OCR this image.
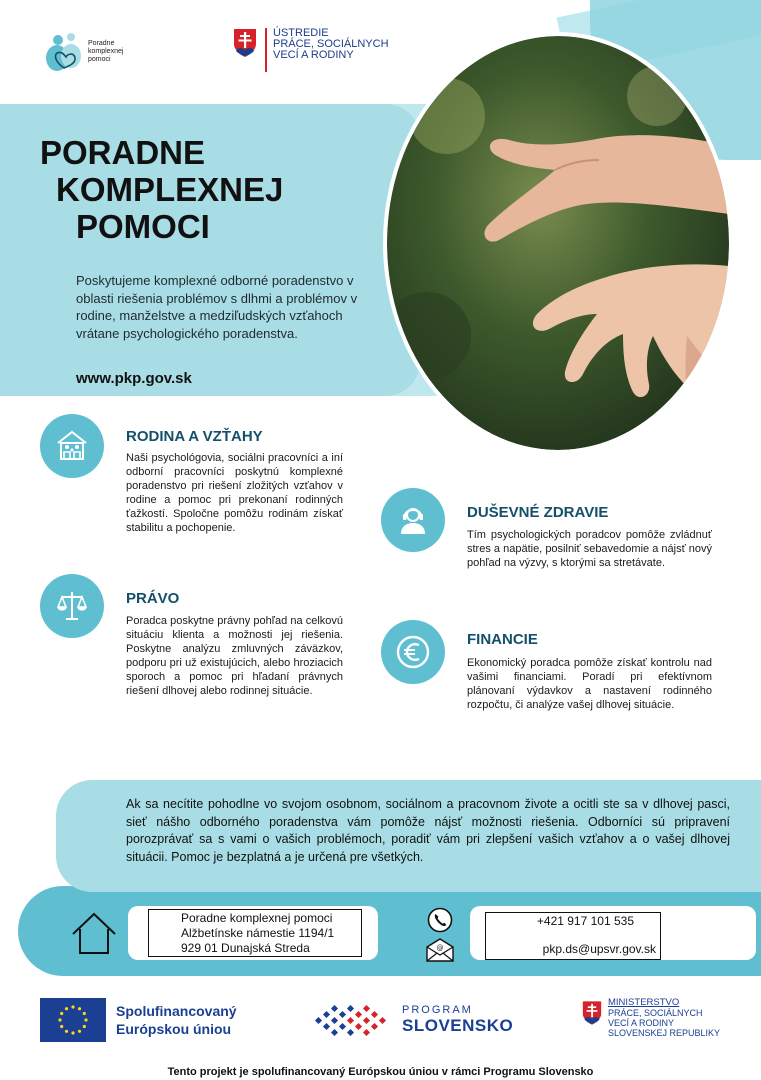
Poradne
komplexnej
pomoci
ÚSTREDIE
PRÁCE, SOCIÁLNYCH
VECÍ A RODINY
PORADNE
KOMPLEXNEJ
POMOCI
Poskytujeme komplexné odborné poradenstvo v oblasti riešenia problémov s dlhmi a problémov v rodine, manželstve a medziľudských vzťahoch vrátane psychologického poradenstva.
www.pkp.gov.sk
RODINA A VZŤAHY
Naši psychológovia, sociálni pracovníci a iní odborní pracovníci poskytnú komplexné poradenstvo pri riešení zložitých vzťahov v rodine a pomoc pri prekonaní rodinných ťažkostí. Spoločne pomôžu rodinám získať stabilitu a pochopenie.
DUŠEVNÉ ZDRAVIE
Tím psychologických poradcov pomôže zvládnuť stres a napätie, posilniť sebavedomie a nájsť nový pohľad na výzvy, s ktorými sa stretávate.
PRÁVO
Poradca poskytne právny pohľad na celkovú situáciu klienta a možnosti jej riešenia. Poskytne analýzu zmluvných záväzkov, podporu pri už existujúcich, alebo hroziacich sporoch a pomoc pri hľadaní právnych riešení dlhovej alebo rodinnej situácie.
FINANCIE
Ekonomický poradca pomôže získať kontrolu nad vašimi financiami. Poradí pri efektívnom plánovaní výdavkov a nastavení rodinného rozpočtu, či analýze vašej dlhovej situácie.
Ak sa necítite pohodlne vo svojom osobnom, sociálnom a pracovnom živote a ocitli ste sa v dlhovej pasci, sieť nášho odborného poradenstva vám pomôže nájsť možnosti riešenia. Odborníci sú pripravení porozprávať sa s vami o vašich problémoch, poradiť vám pri zlepšení vašich vzťahov a o vašej dlhovej situácii. Pomoc je bezplatná a je určená pre všetkých.
Poradne komplexnej pomoci
Alžbetínske námestie 1194/1
929 01 Dunajská Streda	@
+421 917 101 535
pkp.ds@upsvr.gov.sk
Spolufinancovaný
Európskou úniou
PROGRAM
SLOVENSKO
MINISTERSTVO
PRÁCE, SOCIÁLNYCH
VECÍ A RODINY
SLOVENSKEJ REPUBLIKY
Tento projekt je spolufinancovaný Európskou úniou v rámci Programu Slovensko
